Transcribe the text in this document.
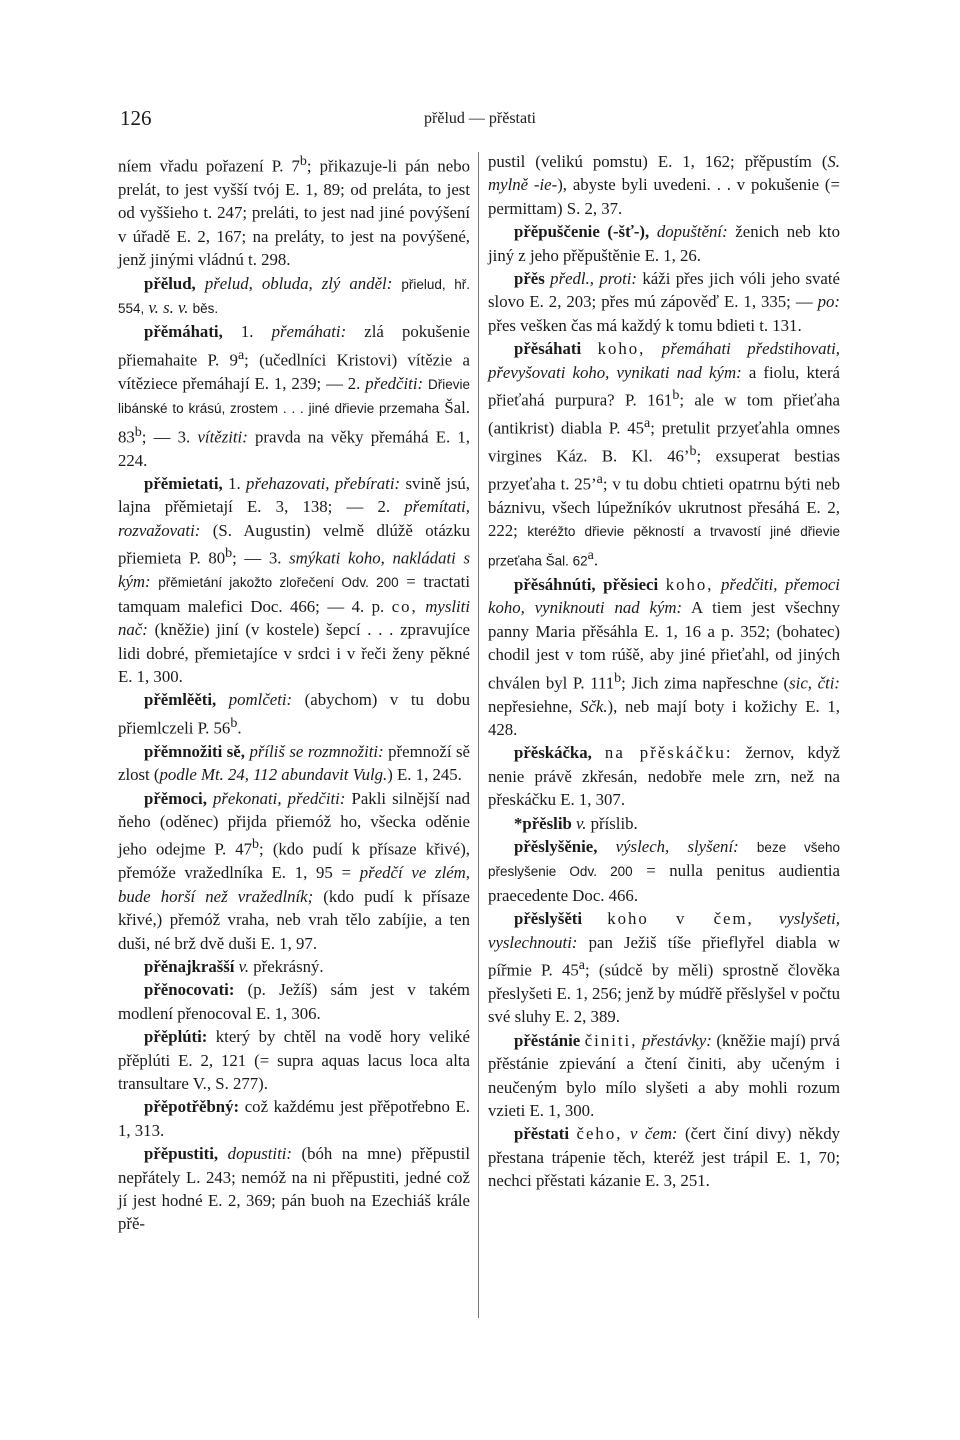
126	přělud — přěstati

níem vřadu pořazení P. 7$^b$; přikazuje-li pán nebo prelát, to jest vyšší tvój E. 1, 89; od preláta, to jest od vyššieho t. 247; preláti, to jest nad jiné povýšení v úřadě E. 2, 167; na preláty, to jest na povýšené, jenž jinými vládnú t. 298.

přělud, přelud, obluda, zlý anděl: přielud, hř. 554, v. s. v. běs.

přěmáhati, 1. přemáhati: zlá pokušenie přiemahaite P. 9$^a$; (učedlníci Kristovi) vítězie a vítěziece přemáhají E. 1, 239; — 2. předčiti: Dřievie libánské to krású, zrostem . . . jiné dřievie przemaha Šal. 83$^b$; — 3. vítěziti: pravda na věky přemáhá E. 1, 224.

přěmietati, 1. přehazovati, přebírati: svině jsú, lajna přěmietají E. 3, 138; — 2. přemítati, rozvažovati: (S. Augustin) velmě dlúžě otázku přiemieta P. 80$^b$; — 3. smýkati koho, nakládati s kým: přěmietání jakožto zlořečení Odv. 200 = tractati tamquam malefici Doc. 466; — 4. p. co, mysliti nač: (kněžie) jiní (v kostele) šepcí . . . zpravujíce lidi dobré, přemietajíce v srdci i v řeči ženy pěkné E. 1, 300.

přěmlěěti, pomlčeti: (abychom) v tu dobu přiemlczeli P. 56$^b$.

přěmnožiti sě, příliš se rozmnožiti: přemnoží sě zlost (podle Mt. 24, 112 abundavit Vulg.) E. 1, 245.

přěmoci, překonati, předčiti: Pakli silnější nad ňeho (oděnec) přijda přiemóž ho, všecka oděnie jeho odejme P. 47$^b$; (kdo pudí k přísaze křivé), přemóže vražedlníka E. 1, 95 = předčí ve zlém, bude horší než vražedlník; (kdo pudí k přísaze křivé,) přemóž vraha, neb vrah tělo zabíjie, a ten duši, né brž dvě duši E. 1, 97.

přěnajkrašší v. překrásný.

přěnocovati: (p. Ježíš) sám jest v takém modlení přenocoval E. 1, 306.

přěplúti: který by chtěl na vodě hory veliké přěplúti E. 2, 121 (= supra aquas lacus loca alta transultare V., S. 277).

přěpotřěbný: což každému jest přěpotřebno E. 1, 313.

přěpustiti, dopustiti: (bóh na mne) přěpustil nepřátely L. 243; nemóž na ni přěpustiti, jedné což jí jest hodné E. 2, 369; pán buoh na Ezechiáš krále přě-

pustil (velikú pomstu) E. 1, 162; přěpustím (S. mylně -ie-), abyste byli uvedeni. . . v pokušenie (= permittam) S. 2, 37.

přěpuščenie (-šť-), dopuštění: ženich neb kto jiný z jeho přěpuštěnie E. 1, 26.

přěs předl., proti: káži přes jich vóli jeho svaté slovo E. 2, 203; přes mú zápověď E. 1, 335; — po: přes vešken čas má každý k tomu bdieti t. 131.

přěsáhati koho, přemáhati předstihovati, převyšovati koho, vynikati nad kým: a fiolu, která přieťahá purpura? P. 161$^b$; ale w tom přieťaha (antikrist) diabla P. 45$^a$; pretulit przyeťahla omnes virgines Káz. B. Kl. 46’$^b$; exsuperat bestias przyeťaha t. 25’$^a$; v tu dobu chtieti opatrnu býti neb báznivu, všech lúpežníkóv ukrutnost přesáhá E. 2, 222; kteréžto dřievie pěkností a trvavostí jiné dřievie przeťaha Šal. 62$^a$.

přěsáhnúti, přěsieci koho, předčiti, přemoci koho, vyniknouti nad kým: A tiem jest všechny panny Maria přěsáhla E. 1, 16 a p. 352; (bohatec) chodil jest v tom rúšě, aby jiné přieťahl, od jiných chválen byl P. 111$^b$; Jich zima napřeschne (sic, čti: nepřesiehne, Sčk.), neb mají boty i kožichy E. 1, 428.

přěskáčka, na přěskáčku: žernov, když nenie právě zkřesán, nedobře mele zrn, než na přeskáčku E. 1, 307.

*přěslib v. příslib.

přěslyšěnie, výslech, slyšení: beze všeho přeslyšenie Odv. 200 = nulla penitus audientia praecedente Doc. 466.

přěslyšěti koho v čem, vyslyšeti, vyslechnouti: pan Ježiš tíše přieflyřel diabla w pířmie P. 45$^a$; (súdcě by měli) sprostně člověka přeslyšeti E. 1, 256; jenž by múdřě přěslyšel v počtu své sluhy E. 2, 389.

přěstánie činiti, přestávky: (kněžie mají) prvá přěstánie zpievání a čtení činiti, aby učeným i neučeným bylo mílo slyšeti a aby mohli rozum vzieti E. 1, 300.

přěstati čeho, v čem: (čert činí divy) někdy přestana trápenie těch, kteréž jest trápil E. 1, 70; nechci přěstati kázanie E. 3, 251.
